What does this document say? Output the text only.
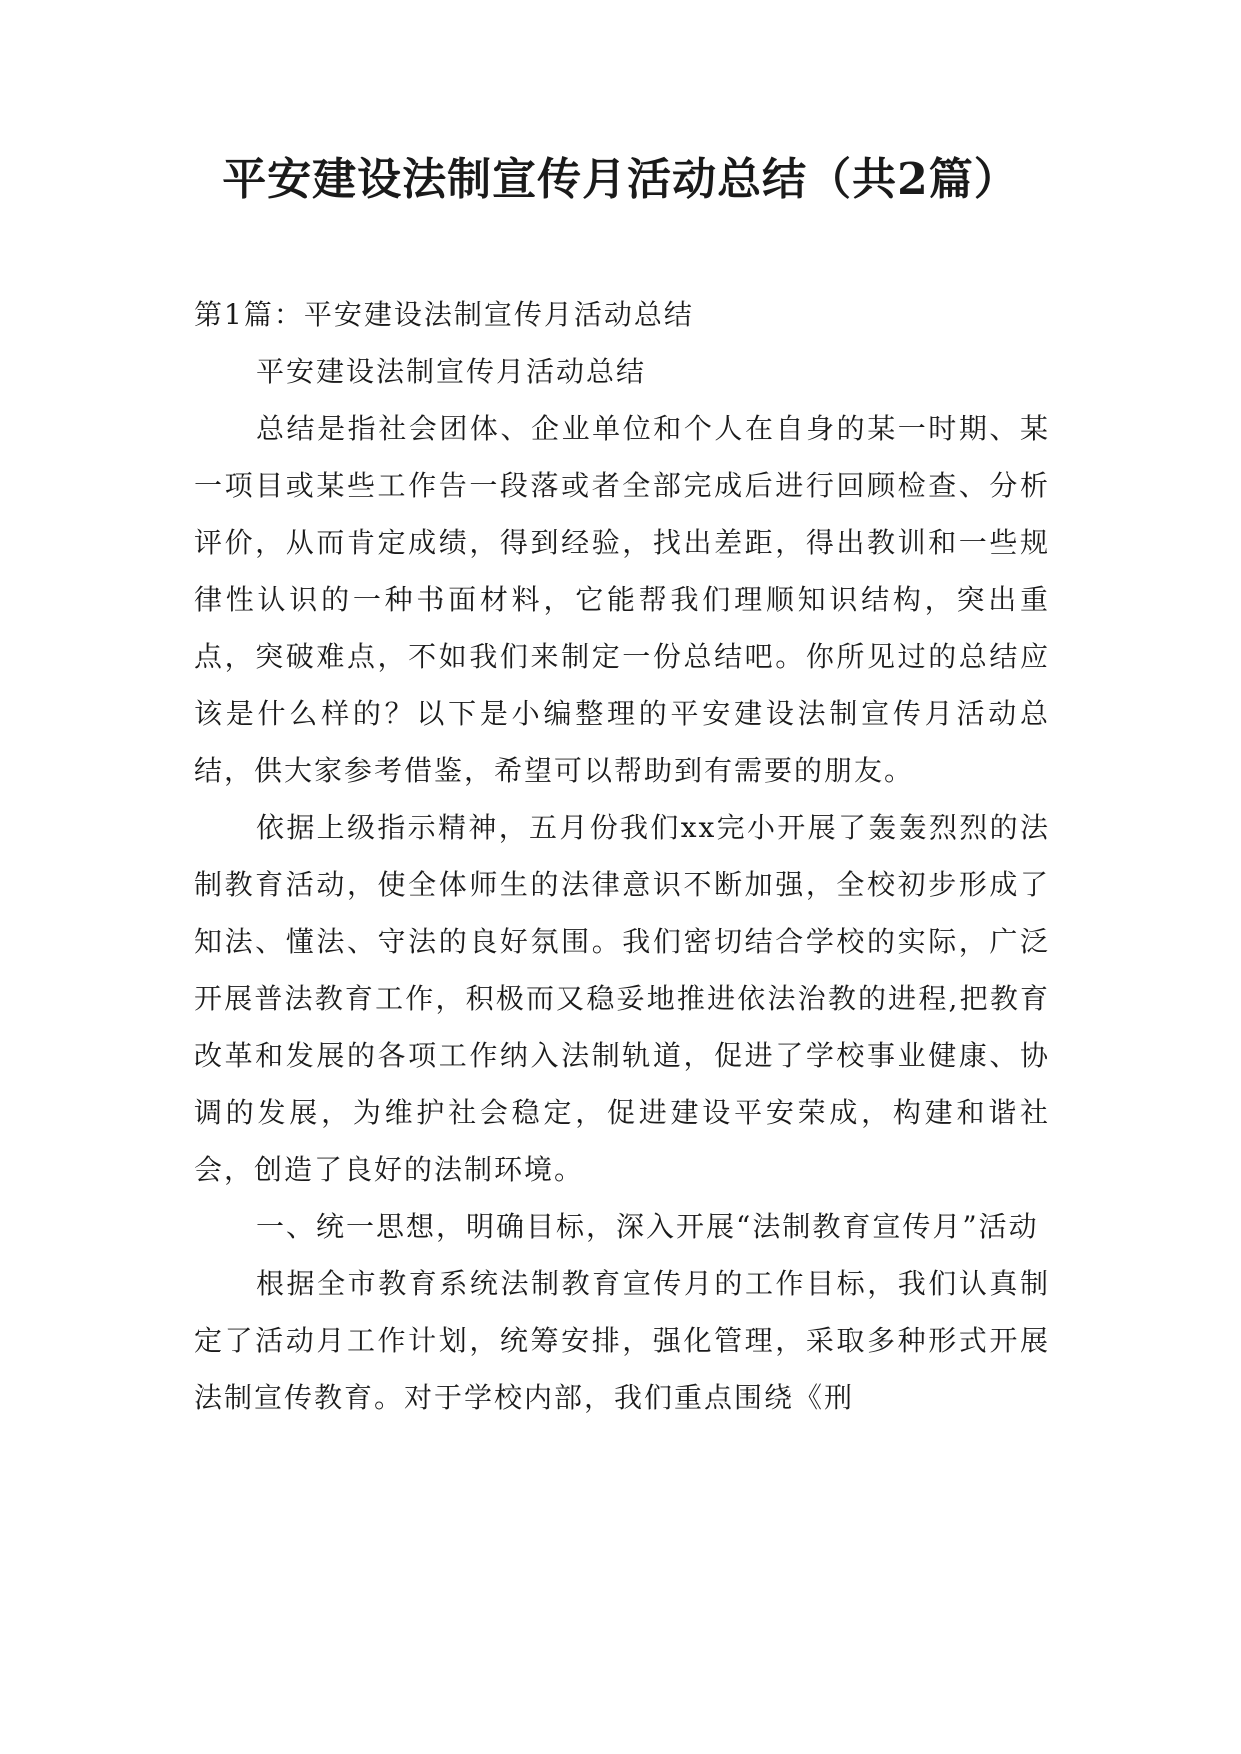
平安建设法制宣传月活动总结（共2篇）

第1篇：平安建设法制宣传月活动总结

平安建设法制宣传月活动总结

总结是指社会团体、企业单位和个人在自身的某一时期、某一项目或某些工作告一段落或者全部完成后进行回顾检查、分析评价，从而肯定成绩，得到经验，找出差距，得出教训和一些规律性认识的一种书面材料，它能帮我们理顺知识结构，突出重点，突破难点，不如我们来制定一份总结吧。你所见过的总结应该是什么样的？以下是小编整理的平安建设法制宣传月活动总结，供大家参考借鉴，希望可以帮助到有需要的朋友。

依据上级指示精神，五月份我们xx完小开展了轰轰烈烈的法制教育活动，使全体师生的法律意识不断加强，全校初步形成了知法、懂法、守法的良好氛围。我们密切结合学校的实际，广泛开展普法教育工作，积极而又稳妥地推进依法治教的进程,把教育改革和发展的各项工作纳入法制轨道，促进了学校事业健康、协调的发展，为维护社会稳定，促进建设平安荣成，构建和谐社会，创造了良好的法制环境。

一、统一思想，明确目标，深入开展“法制教育宣传月”活动

根据全市教育系统法制教育宣传月的工作目标，我们认真制定了活动月工作计划，统筹安排，强化管理，采取多种形式开展法制宣传教育。对于学校内部，我们重点围绕《刑
